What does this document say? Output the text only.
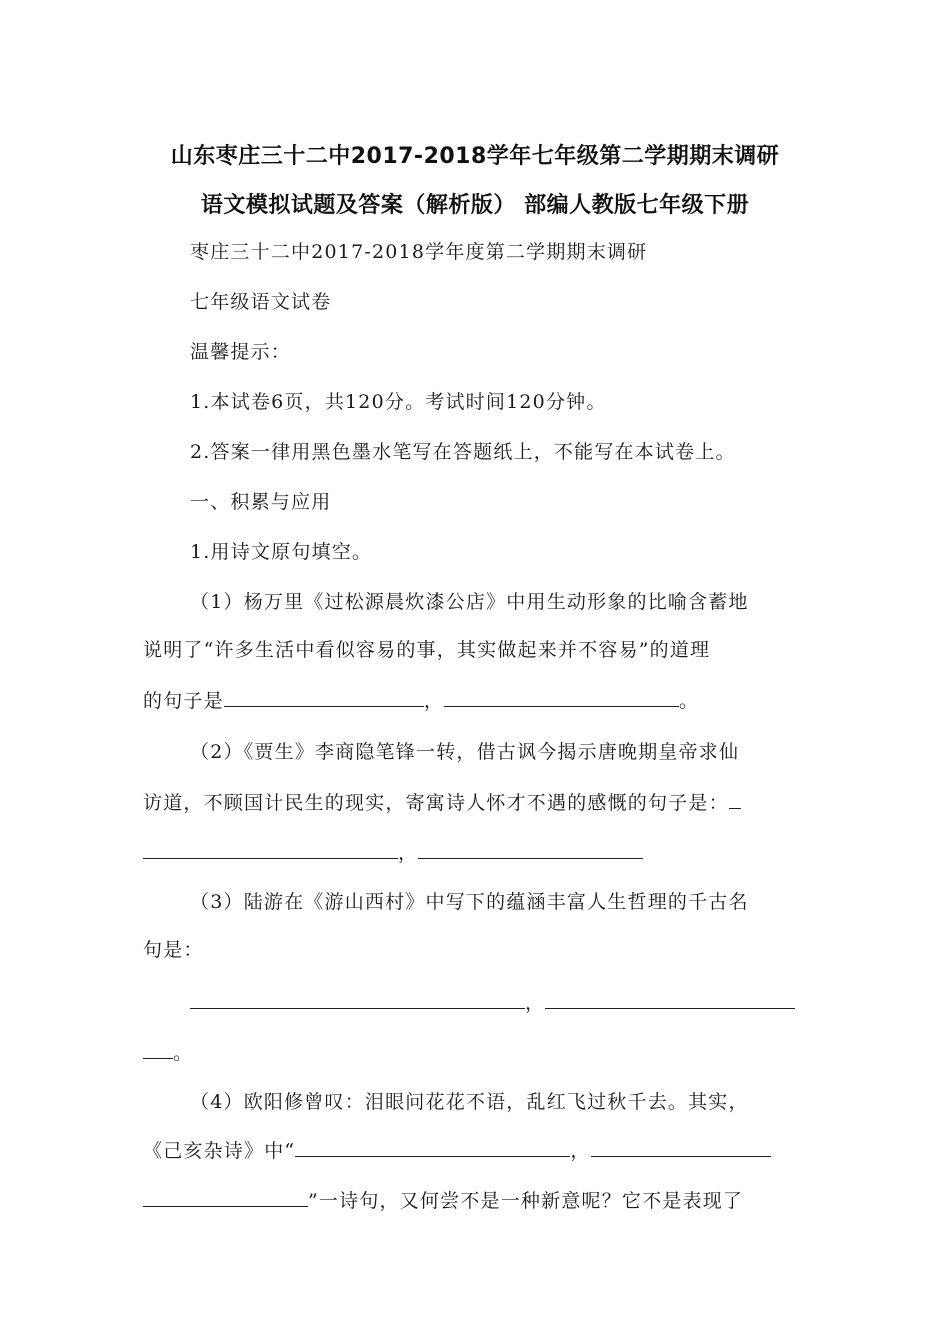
山东枣庄三十二中2017-2018学年七年级第二学期期末调研
语文模拟试题及答案（解析版） 部编人教版七年级下册
枣庄三十二中2017-2018学年度第二学期期末调研
七年级语文试卷
温馨提示：
1.本试卷6页，共120分。考试时间120分钟。
2.答案一律用黑色墨水笔写在答题纸上，不能写在本试卷上。
一、积累与应用
1.用诗文原句填空。
（1）杨万里《过松源晨炊漆公店》中用生动形象的比喻含蓄地
说明了“许多生活中看似容易的事，其实做起来并不容易”的道理
的句子是	，	。
（2）《贾生》李商隐笔锋一转，借古讽今揭示唐晚期皇帝求仙
访道，不顾国计民生的现实，寄寓诗人怀才不遇的感慨的句子是：
，
（3）陆游在《游山西村》中写下的蕴涵丰富人生哲理的千古名
句是：
，
。
（4）欧阳修曾叹：泪眼问花花不语，乱红飞过秋千去。其实，
《己亥杂诗》中“	，
”一诗句，又何尝不是一种新意呢？它不是表现了
